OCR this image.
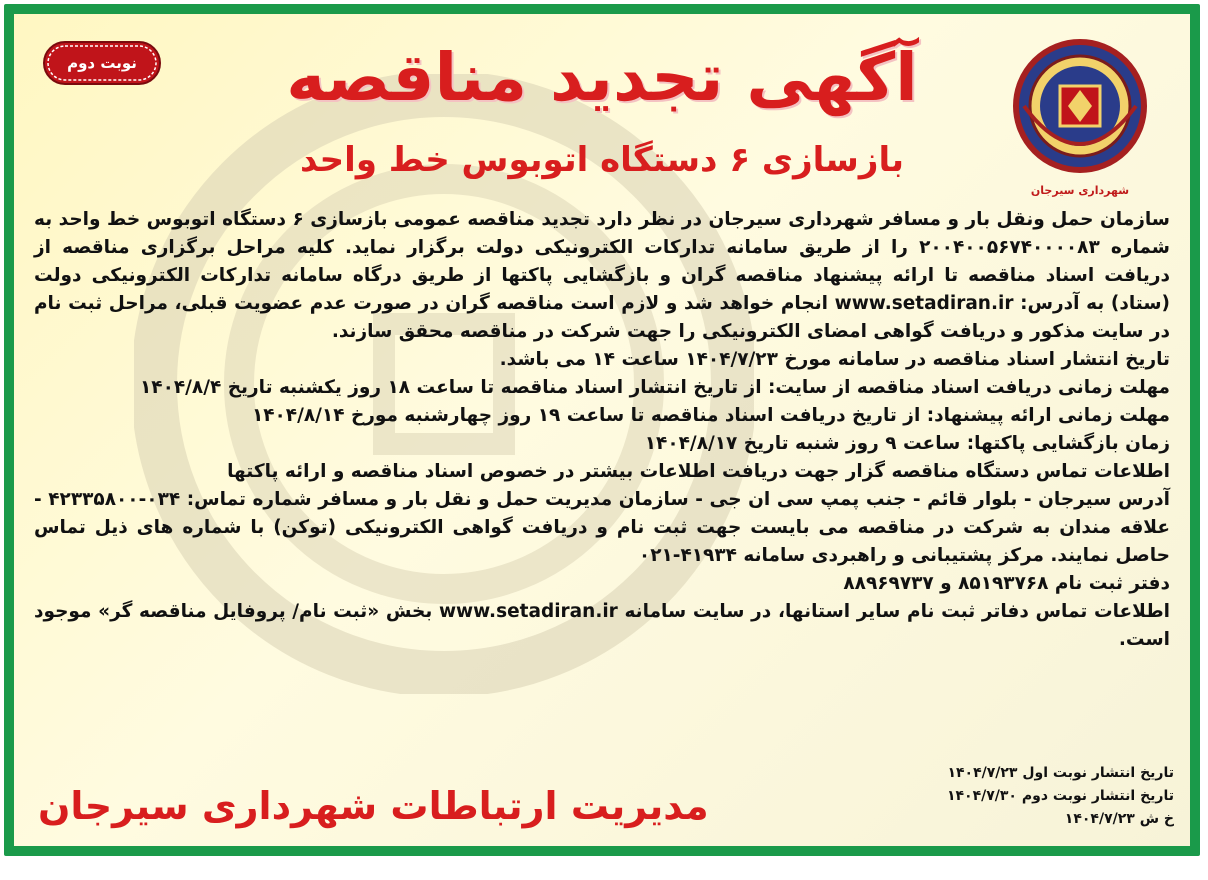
نوبت دوم
شهرداری سیرجان
آگهی تجدید مناقصه
بازسازی ۶ دستگاه اتوبوس خط واحد

سازمان حمل ونقل بار و مسافر شهرداری سیرجان در نظر دارد تجدید مناقصه عمومی بازسازی ۶ دستگاه اتوبوس خط واحد به شماره ۲۰۰۴۰۰۵۶۷۴۰۰۰۰۸۳ را از طریق سامانه تدارکات الکترونیکی دولت برگزار نماید. کلیه مراحل برگزاری مناقصه از دریافت اسناد مناقصه تا ارائه پیشنهاد مناقصه گران و بازگشایی پاکتها از طریق درگاه سامانه تدارکات الکترونیکی دولت (ستاد) به آدرس: www.setadiran.ir انجام خواهد شد و لازم است مناقصه گران در صورت عدم عضویت قبلی، مراحل ثبت نام در سایت مذکور و دریافت گواهی امضای الکترونیکی را جهت شرکت در مناقصه محقق سازند.

تاریخ انتشار اسناد مناقصه در سامانه مورخ ۱۴۰۴/۷/۲۳ ساعت ۱۴ می باشد.

مهلت زمانی دریافت اسناد مناقصه از سایت: از تاریخ انتشار اسناد مناقصه تا ساعت ۱۸ روز یکشنبه تاریخ ۱۴۰۴/۸/۴

مهلت زمانی ارائه پیشنهاد: از تاریخ دریافت اسناد مناقصه تا ساعت ۱۹ روز چهارشنبه مورخ ۱۴۰۴/۸/۱۴

زمان بازگشایی پاکتها: ساعت ۹ روز شنبه تاریخ ۱۴۰۴/۸/۱۷

اطلاعات تماس دستگاه مناقصه گزار جهت دریافت اطلاعات بیشتر در خصوص اسناد مناقصه و ارائه پاکتها

آدرس سیرجان - بلوار قائم - جنب پمپ سی ان جی - سازمان مدیریت حمل و نقل بار و مسافر شماره تماس: ۰۳۴-۴۲۳۳۵۸۰۰ - علاقه مندان به شرکت در مناقصه می بایست جهت ثبت نام و دریافت گواهی الکترونیکی (توکن) با شماره های ذیل تماس حاصل نمایند. مرکز پشتیبانی و راهبردی سامانه ۴۱۹۳۴-۰۲۱

دفتر ثبت نام ۸۵۱۹۳۷۶۸ و ۸۸۹۶۹۷۳۷

اطلاعات تماس دفاتر ثبت نام سایر استانها، در سایت سامانه www.setadiran.ir بخش «ثبت نام/ پروفایل مناقصه گر» موجود است.

تاریخ انتشار نوبت اول ۱۴۰۴/۷/۲۳

تاریخ انتشار نوبت دوم ۱۴۰۴/۷/۳۰

خ ش ۱۴۰۴/۷/۲۳

مدیریت ارتباطات شهرداری سیرجان
